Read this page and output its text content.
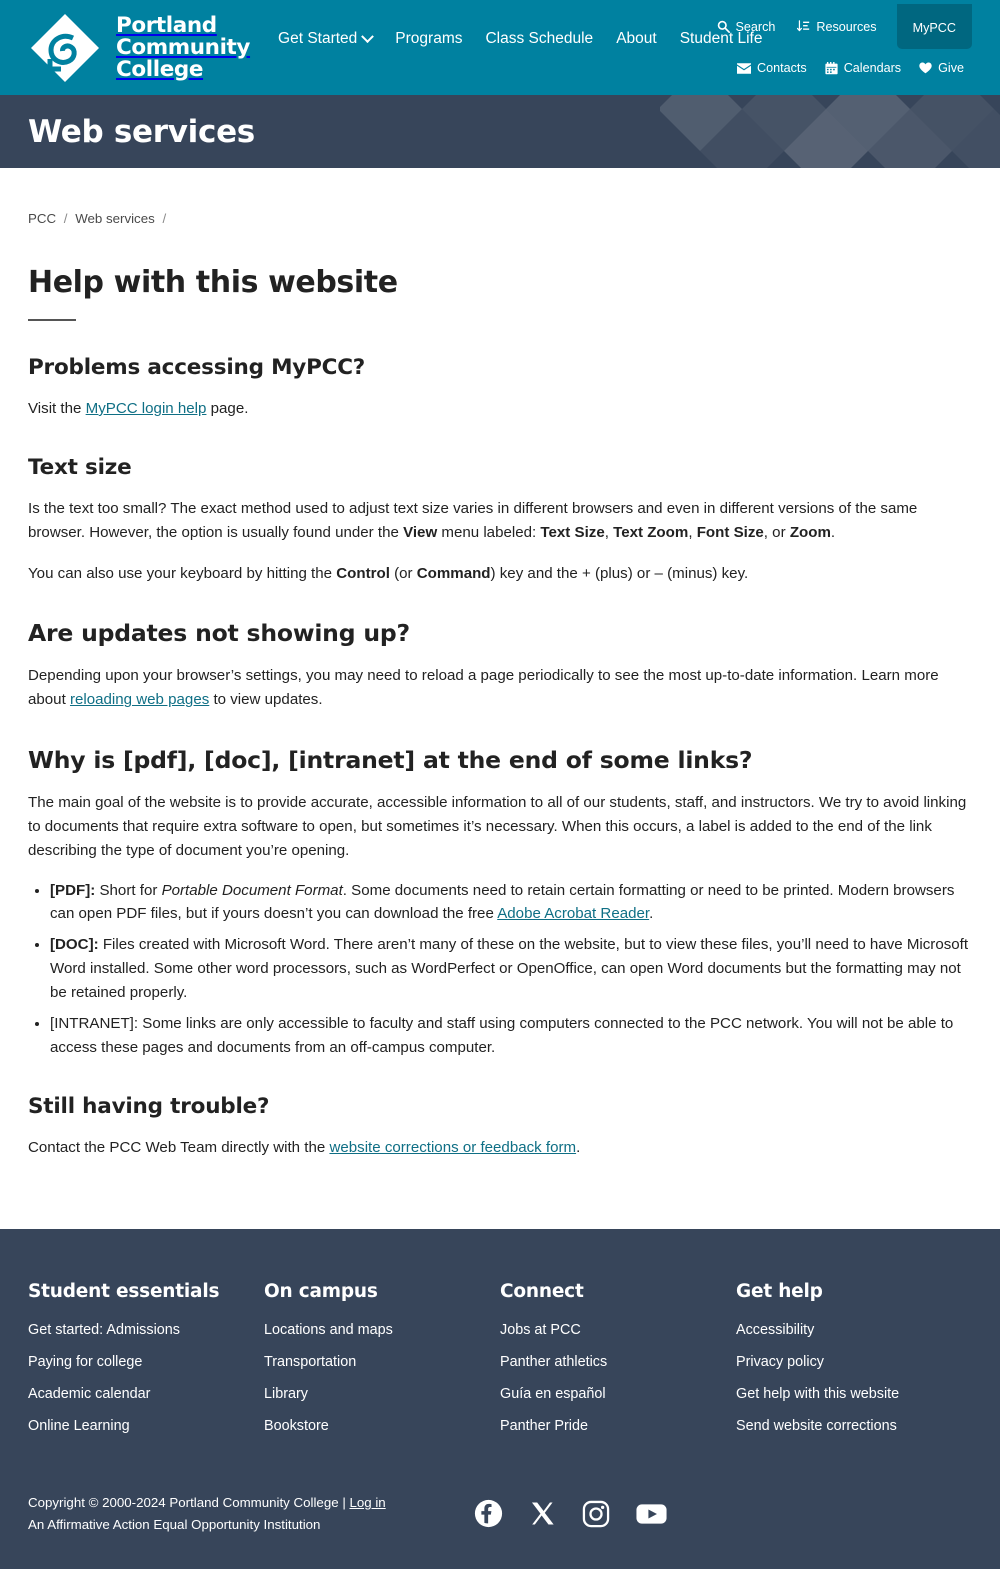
Portland
Community
College
Get Started Programs Class Schedule About Student Life
Search	Resources	MyPCC
Contacts	Calendars	Give
Web services
PCC / Web services /
Help with this website
Problems accessing MyPCC?

Visit the MyPCC login help page.

Text size

Is the text too small? The exact method used to adjust text size varies in different browsers and even in different versions of the same browser. However, the option is usually found under the View menu labeled: Text Size, Text Zoom, Font Size, or Zoom.

You can also use your keyboard by hitting the Control (or Command) key and the + (plus) or – (minus) key.

Are updates not showing up?

Depending upon your browser’s settings, you may need to reload a page periodically to see the most up-to-date information. Learn more about reloading web pages to view updates.

Why is [pdf], [doc], [intranet] at the end of some links?

The main goal of the website is to provide accurate, accessible information to all of our students, staff, and instructors. We try to avoid linking to documents that require extra software to open, but sometimes it’s necessary. When this occurs, a label is added to the end of the link describing the type of document you’re opening.

• [PDF]: Short for Portable Document Format. Some documents need to retain certain formatting or need to be printed. Modern browsers can open PDF files, but if yours doesn’t you can download the free Adobe Acrobat Reader.
• [DOC]: Files created with Microsoft Word. There aren’t many of these on the website, but to view these files, you’ll need to have Microsoft Word installed. Some other word processors, such as WordPerfect or OpenOffice, can open Word documents but the formatting may not be retained properly.
• [INTRANET]: Some links are only accessible to faculty and staff using computers connected to the PCC network. You will not be able to access these pages and documents from an off-campus computer.
Still having trouble?

Contact the PCC Web Team directly with the website corrections or feedback form.

Student essentials
Get started: Admissions
Paying for college
Academic calendar
Online Learning
On campus
Locations and maps
Transportation
Library
Bookstore
Connect
Jobs at PCC
Panther athletics
Guía en español
Panther Pride
Get help
Accessibility
Privacy policy
Get help with this website
Send website corrections
Copyright © 2000-2024 Portland Community College | Log in
An Affirmative Action Equal Opportunity Institution
